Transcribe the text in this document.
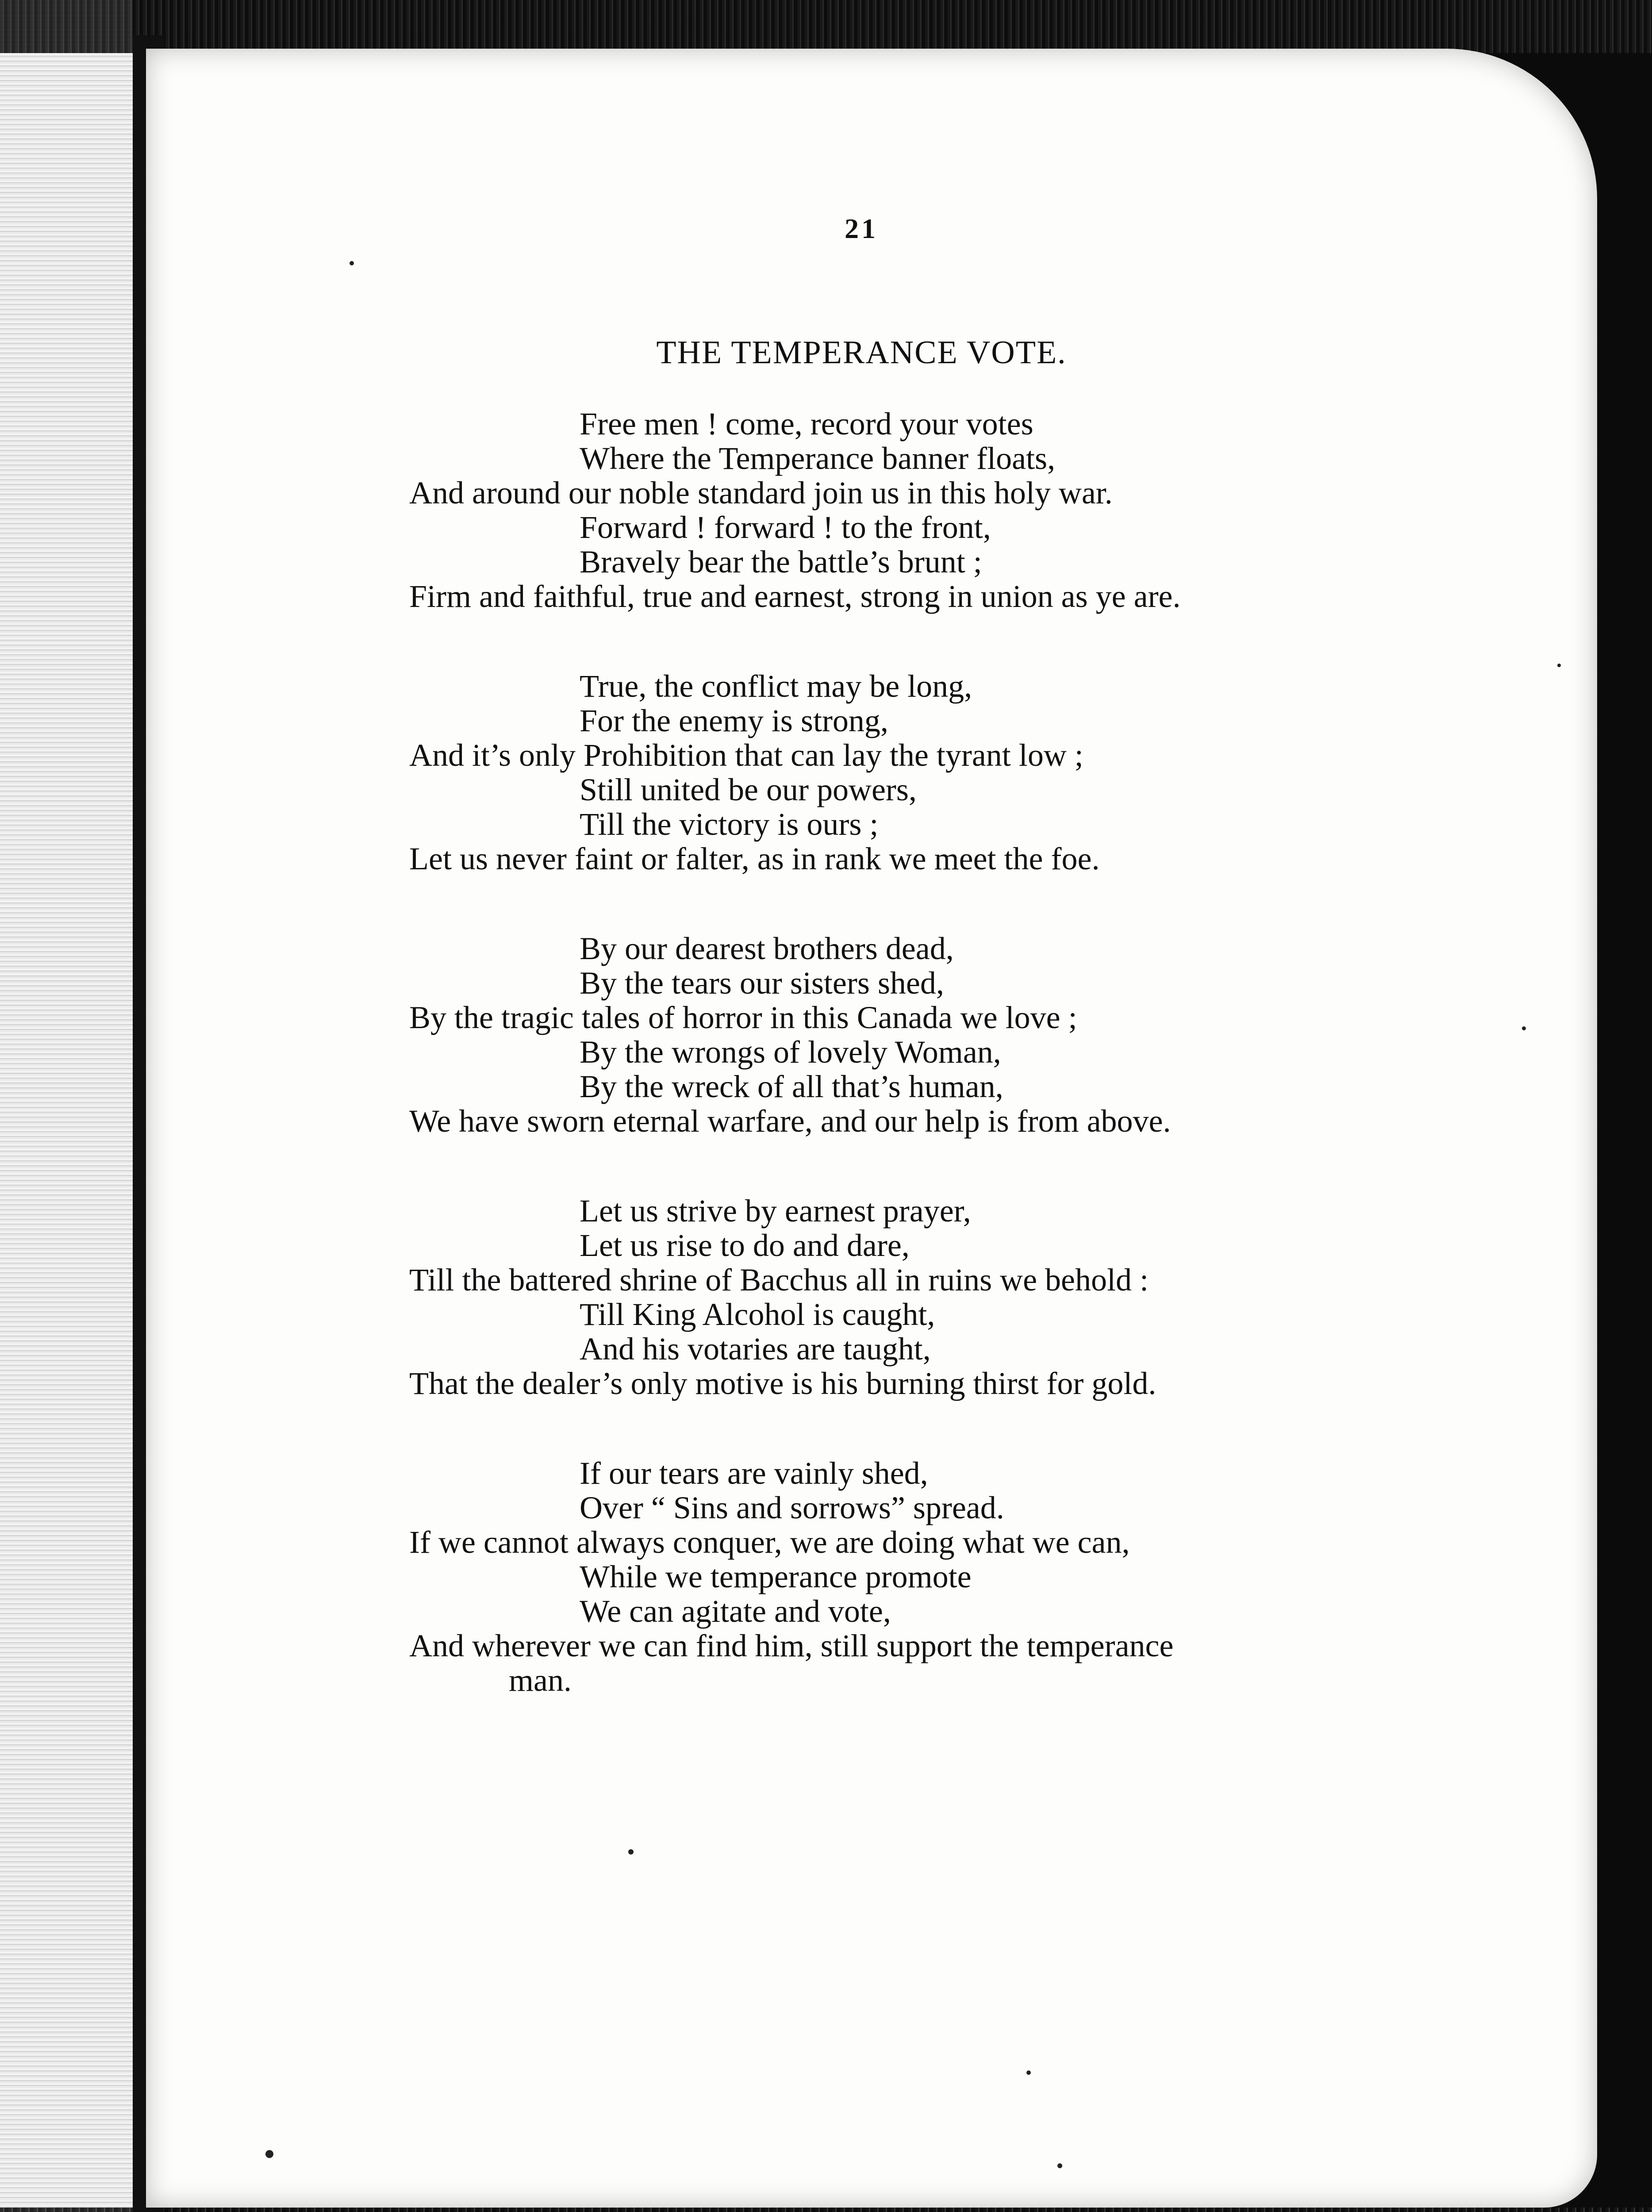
21
THE TEMPERANCE VOTE.
Free men ! come, record your votes
Where the Temperance banner floats,
And around our noble standard join us in this holy war.
Forward ! forward ! to the front,
Bravely bear the battle’s brunt ;
Firm and faithful, true and earnest, strong in union as ye are.
True, the conflict may be long,
For the enemy is strong,
And it’s only Prohibition that can lay the tyrant low ;
Still united be our powers,
Till the victory is ours ;
Let us never faint or falter, as in rank we meet the foe.
By our dearest brothers dead,
By the tears our sisters shed,
By the tragic tales of horror in this Canada we love ;
By the wrongs of lovely Woman,
By the wreck of all that’s human,
We have sworn eternal warfare, and our help is from above.
Let us strive by earnest prayer,
Let us rise to do and dare,
Till the battered shrine of Bacchus all in ruins we behold :
Till King Alcohol is caught,
And his votaries are taught,
That the dealer’s only motive is his burning thirst for gold.
If our tears are vainly shed,
Over “ Sins and sorrows” spread.
If we cannot always conquer, we are doing what we can,
While we temperance promote
We can agitate and vote,
And wherever we can find him, still support the temperance
man.
